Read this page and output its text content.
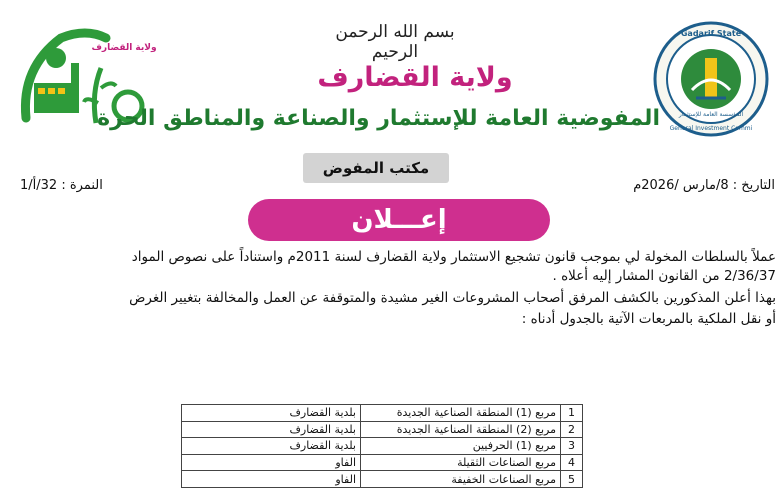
Gadarif State
General Investment Commi
المؤسسة العامة للإستثمار
ولاية القضارف
بسم الله الرحمن الرحيم
ولاية القضارف
المفوضية العامة للإستثمار والصناعة والمناطق الحرة
مكتب المفوض
التاريخ : 8/مارس /2026م
النمرة : 32/أ/1
إعـــلان
عملاً بالسلطات المخولة لي بموجب قانون تشجيع الاستثمار ولاية القضارف لسنة 2011م واستناداً على نصوص المواد
2/36/37 من القانون المشار إليه أعلاه .
بهذا أعلن المذكورين بالكشف المرفق أصحاب المشروعات الغير مشيدة والمتوقفة عن العمل والمخالفة بتغيير الغرض
أو نقل الملكية بالمربعات الآتية بالجدول أدناه :
1	مربع (1) المنطقة الصناعية الجديدة	بلدية القضارف
2	مربع (2) المنطقة الصناعية الجديدة	بلدية القضارف
3	مربع (1) الحرفيين	بلدية القضارف
4	مربع الصناعات الثقيلة	الفاو
5	مربع الصناعات الخفيفة	الفاو
